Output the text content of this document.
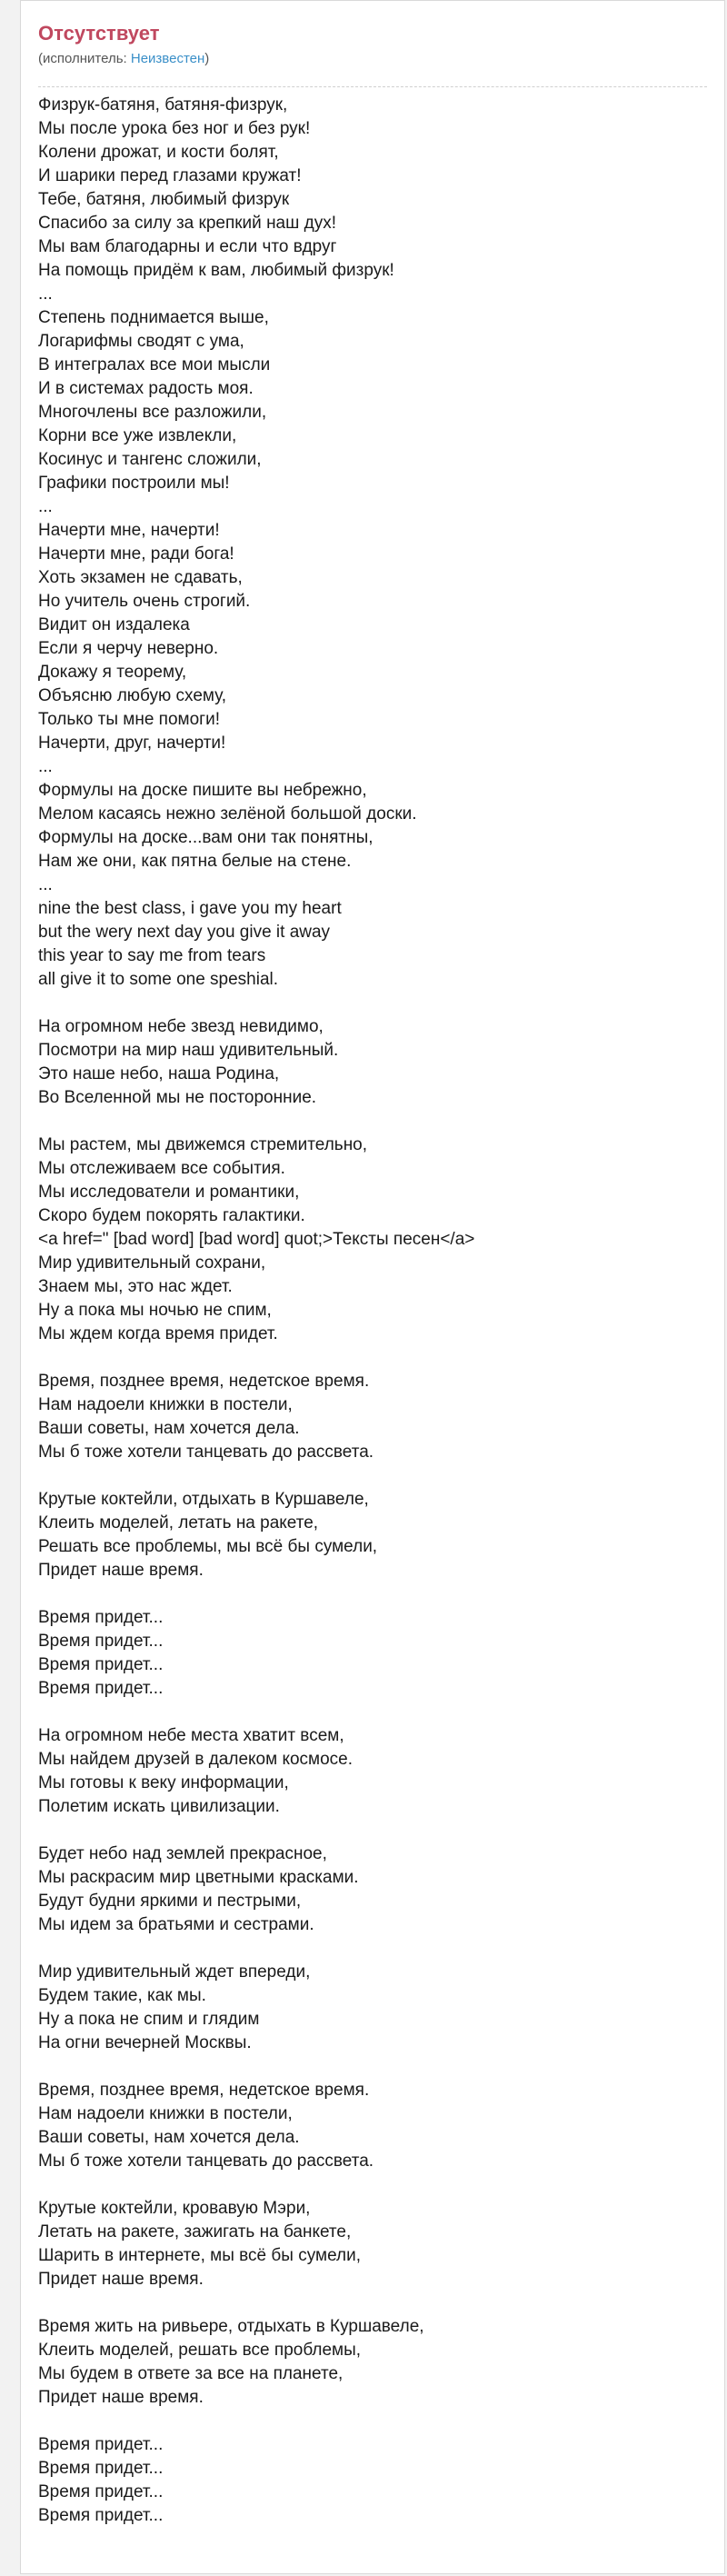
Отсутствует
(исполнитель: Неизвестен)
Физрук-батяня, батяня-физрук,
Мы после урока без ног и без рук!
Колени дрожат, и кости болят,
И шарики перед глазами кружат!
Тебе, батяня, любимый физрук
Спасибо за силу за крепкий наш дух!
Мы вам благодарны и если что вдруг
На помощь придём к вам, любимый физрук!
...
Степень поднимается выше,
Логарифмы сводят с ума,
В интегралах все мои мысли
И в системах радость моя.
Многочлены все разложили,
Корни все уже извлекли,
Косинус и тангенс сложили,
Графики построили мы!
...
Начерти мне, начерти!
Начерти мне, ради бога!
Хоть экзамен не сдавать,
Но учитель очень строгий.
Видит он издалека
Если я черчу неверно.
Докажу я теорему,
Объясню любую схему,
Только ты мне помоги!
Начерти, друг, начерти!
...
Формулы на доске пишите вы небрежно,
Мелом касаясь нежно зелёной большой доски.
Формулы на доске...вам они так понятны,
Нам же они, как пятна белые на стене.
...
nine the best class, i gave you my heart
but the wery next day you give it away
this year to say me from tears
all give it to some one speshial.
На огромном небе звезд невидимо,
Посмотри на мир наш удивительный.
Это наше небо, наша Родина,
Во Вселенной мы не посторонние.
Мы растем, мы движемся стремительно,
Мы отслеживаем все события.
Мы исследователи и романтики,
Скоро будем покорять галактики.
<a href=" [bad word] [bad word] quot;>Тексты песен</a>
Мир удивительный сохрани,
Знаем мы, это нас ждет.
Ну а пока мы ночью не спим,
Мы ждем когда время придет.
Время, позднее время, недетское время.
Нам надоели книжки в постели,
Ваши советы, нам хочется дела.
Мы б тоже хотели танцевать до рассвета.
Крутые коктейли, отдыхать в Куршавеле,
Клеить моделей, летать на ракете,
Решать все проблемы, мы всё бы сумели,
Придет наше время.
Время придет...
Время придет...
Время придет...
Время придет...
На огромном небе места хватит всем,
Мы найдем друзей в далеком космосе.
Мы готовы к веку информации,
Полетим искать цивилизации.
Будет небо над землей прекрасное,
Мы раскрасим мир цветными красками.
Будут будни яркими и пестрыми,
Мы идем за братьями и сестрами.
Мир удивительный ждет впереди,
Будем такие, как мы.
Ну а пока не спим и глядим
На огни вечерней Москвы.
Время, позднее время, недетское время.
Нам надоели книжки в постели,
Ваши советы, нам хочется дела.
Мы б тоже хотели танцевать до рассвета.
Крутые коктейли, кровавую Мэри,
Летать на ракете, зажигать на банкете,
Шарить в интернете, мы всё бы сумели,
Придет наше время.
Время жить на ривьере, отдыхать в Куршавеле,
Клеить моделей, решать все проблемы,
Мы будем в ответе за все на планете,
Придет наше время.
Время придет...
Время придет...
Время придет...
Время придет...
